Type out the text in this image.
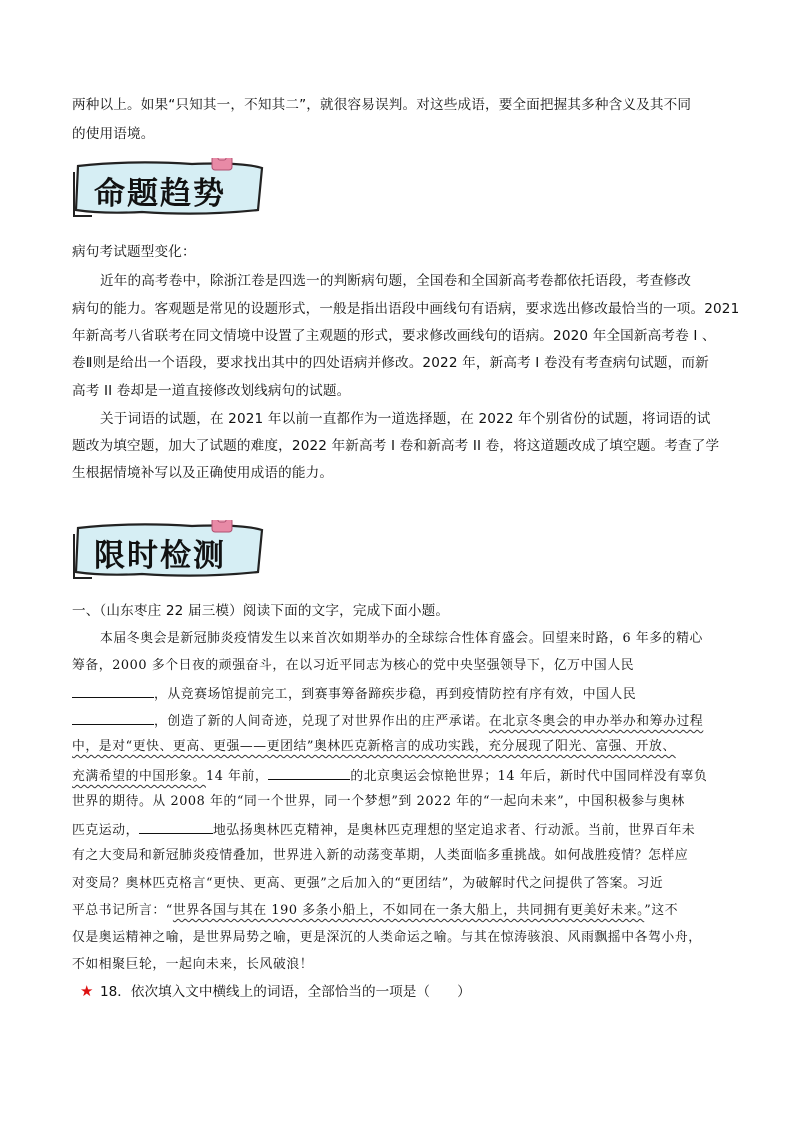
两种以上。如果“只知其一，不知其二”，就很容易误判。对这些成语，要全面把握其多种含义及其不同
的使用语境。
命题趋势
病句考试题型变化：
近年的高考卷中，除浙江卷是四选一的判断病句题，全国卷和全国新高考卷都依托语段，考查修改
病句的能力。客观题是常见的设题形式，一般是指出语段中画线句有语病，要求选出修改最恰当的一项。2021
年新高考八省联考在同文情境中设置了主观题的形式，要求修改画线句的语病。2020 年全国新高考卷 I 、
卷Ⅱ则是给出一个语段，要求找出其中的四处语病并修改。2022 年，新高考 I 卷没有考查病句试题，而新
高考 II 卷却是一道直接修改划线病句的试题。
关于词语的试题，在 2021 年以前一直都作为一道选择题，在 2022 年个别省份的试题，将词语的试
题改为填空题，加大了试题的难度，2022 年新高考 I 卷和新高考 II 卷，将这道题改成了填空题。考查了学
生根据情境补写以及正确使用成语的能力。
限时检测
一、（山东枣庄 22 届三模）阅读下面的文字，完成下面小题。
本届冬奥会是新冠肺炎疫情发生以来首次如期举办的全球综合性体育盛会。回望来时路，6 年多的精心
筹备，2000 多个日夜的顽强奋斗，在以习近平同志为核心的党中央坚强领导下，亿万中国人民
，从竞赛场馆提前完工，到赛事筹备蹄疾步稳，再到疫情防控有序有效，中国人民
，创造了新的人间奇迹，兑现了对世界作出的庄严承诺。在北京冬奥会的申办举办和筹办过程
中，是对“更快、更高、更强——更团结”奥林匹克新格言的成功实践，充分展现了阳光、富强、开放、
充满希望的中国形象。14 年前，	的北京奥运会惊艳世界；14 年后，新时代中国同样没有辜负
世界的期待。从 2008 年的“同一个世界，同一个梦想”到 2022 年的“一起向未来”，中国积极参与奥林
匹克运动，	地弘扬奥林匹克精神，是奥林匹克理想的坚定追求者、行动派。当前，世界百年未
有之大变局和新冠肺炎疫情叠加，世界进入新的动荡变革期，人类面临多重挑战。如何战胜疫情？怎样应
对变局？奥林匹克格言“更快、更高、更强”之后加入的“更团结”，为破解时代之问提供了答案。习近
平总书记所言：“世界各国与其在 190 多条小船上，不如同在一条大船上，共同拥有更美好未来。”这不
仅是奥运精神之喻，是世界局势之喻，更是深沉的人类命运之喻。与其在惊涛骇浪、风雨飘摇中各驾小舟，
不如相聚巨轮，一起向未来，长风破浪！
★ 18．依次填入文中横线上的词语，全部恰当的一项是（　　）
